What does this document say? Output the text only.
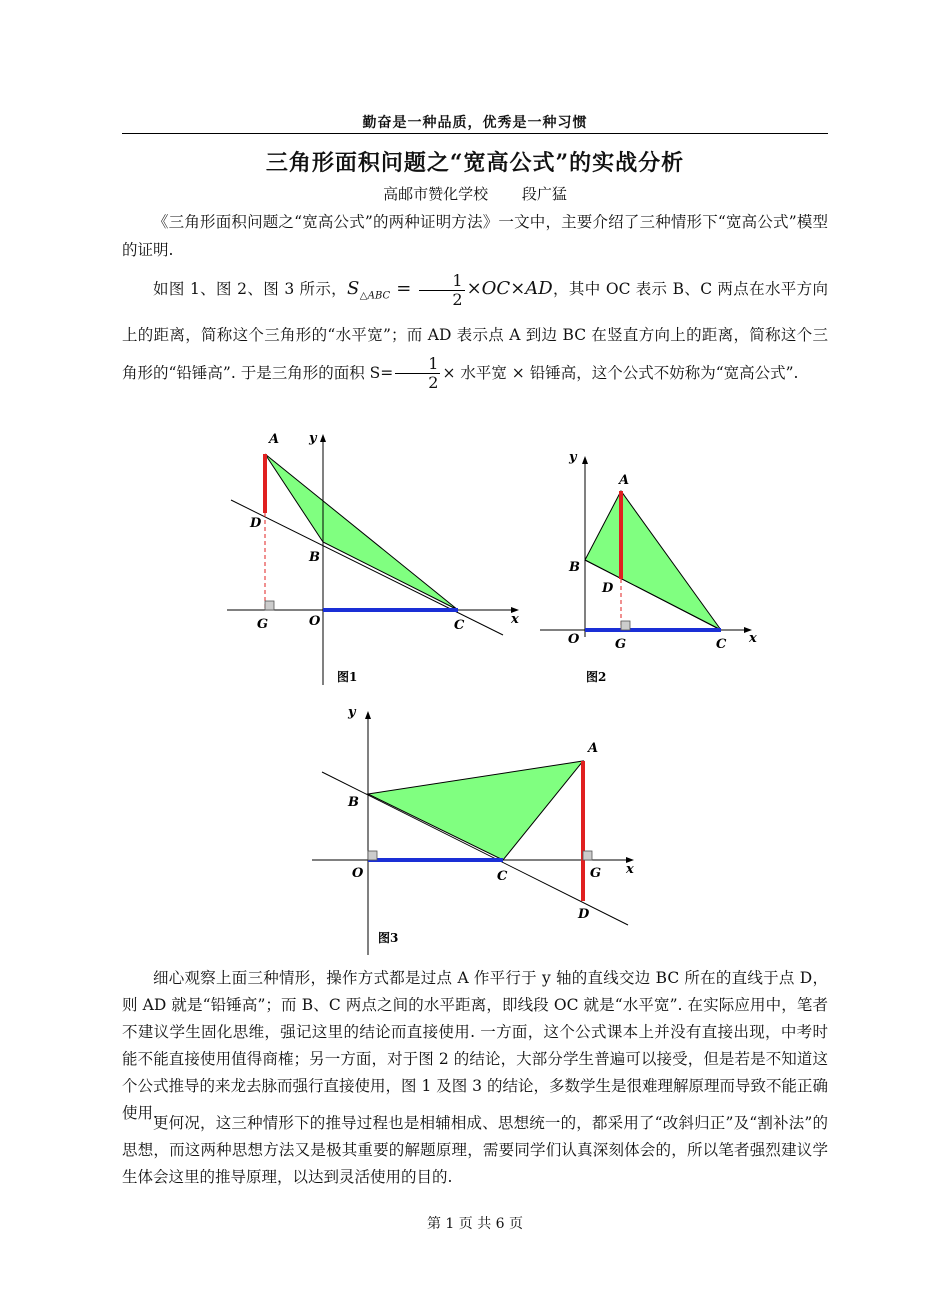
勤奋是一种品质，优秀是一种习惯
三角形面积问题之“宽高公式”的实战分析
高邮市赞化学校 段广猛
《三角形面积问题之“宽高公式”的两种证明方法》一文中，主要介绍了三种情形下“宽高公式”模型的证明.
如图 1、图 2、图 3 所示，$S_{\triangle ABC} = \frac{1}{2} \times OC\times AD$，其中 OC 表示 B、C 两点在水平方向上的距离，简称这个三角形的“水平宽”；而 AD 表示点 A 到边 BC 在竖直方向上的距离，简称这个三角形的“铅锤高”. 于是三角形的面积 $S= \frac{1}{2}$ × 水平宽 × 铅锤高，这个公式不妨称为“宽高公式”.
A y
D
B
G	O	C	x
图1
y
A
B
D
O	G	C x
图2
y
A
B
O	C	G x
D
图3
细心观察上面三种情形，操作方式都是过点 A 作平行于 y 轴的直线交边 BC 所在的直线于点 D，则 AD 就是“铅锤高”；而 B、C 两点之间的水平距离，即线段 OC 就是“水平宽”. 在实际应用中，笔者不建议学生固化思维，强记这里的结论而直接使用. 一方面，这个公式课本上并没有直接出现，中考时能不能直接使用值得商榷；另一方面，对于图 2 的结论，大部分学生普遍可以接受，但是若是不知道这个公式推导的来龙去脉而强行直接使用，图 1 及图 3 的结论，多数学生是很难理解原理而导致不能正确使用.
更何况，这三种情形下的推导过程也是相辅相成、思想统一的，都采用了“改斜归正”及“割补法”的思想，而这两种思想方法又是极其重要的解题原理，需要同学们认真深刻体会的，所以笔者强烈建议学生体会这里的推导原理，以达到灵活使用的目的.
第 1 页 共 6 页
